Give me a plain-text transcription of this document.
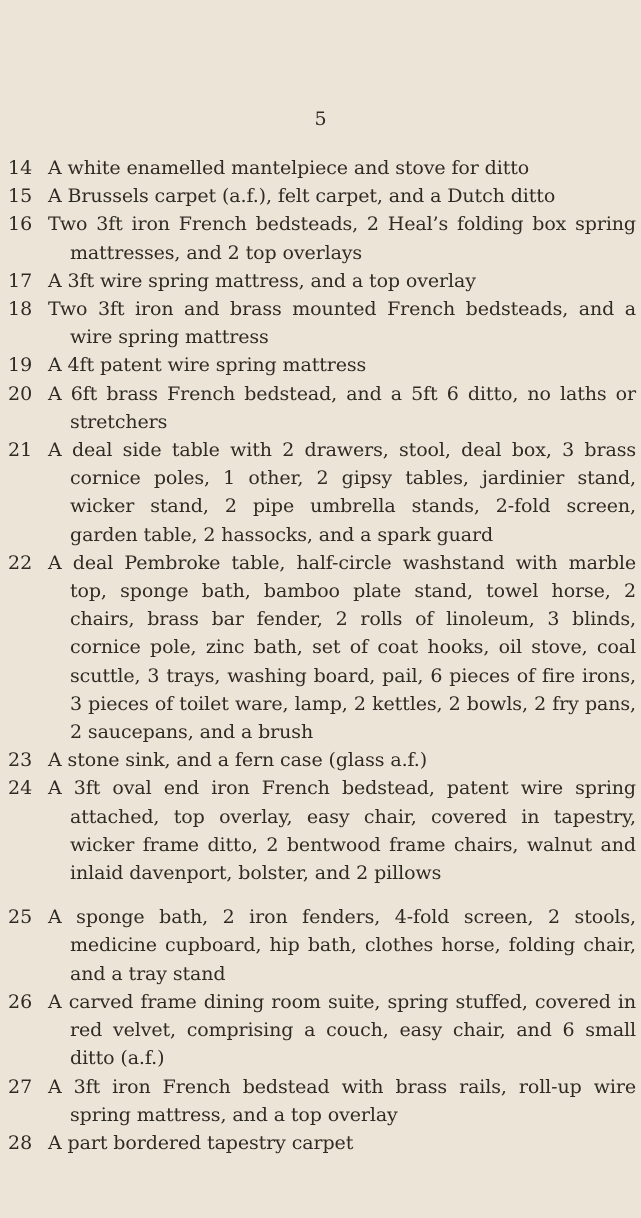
5
14 A white enamelled mantelpiece and stove for ditto
15 A Brussels carpet (a.f.), felt carpet, and a Dutch ditto
16 Two 3ft iron French bedsteads, 2 Heal’s folding box spring mattresses, and 2 top overlays
17 A 3ft wire spring mattress, and a top overlay
18 Two 3ft iron and brass mounted French bedsteads, and a wire spring mattress
19 A 4ft patent wire spring mattress
20 A 6ft brass French bedstead, and a 5ft 6 ditto, no laths or stretchers
21 A deal side table with 2 drawers, stool, deal box, 3 brass cornice poles, 1 other, 2 gipsy tables, jardinier stand, wicker stand, 2 pipe umbrella stands, 2-fold screen, garden table, 2 hassocks, and a spark guard
22 A deal Pembroke table, half-circle washstand with marble top, sponge bath, bamboo plate stand, towel horse, 2 chairs, brass bar fender, 2 rolls of linoleum, 3 blinds, cornice pole, zinc bath, set of coat hooks, oil stove, coal scuttle, 3 trays, washing board, pail, 6 pieces of fire irons, 3 pieces of toilet ware, lamp, 2 kettles, 2 bowls, 2 fry pans, 2 saucepans, and a brush
23 A stone sink, and a fern case (glass a.f.)
24 A 3ft oval end iron French bedstead, patent wire spring attached, top overlay, easy chair, covered in tapestry, wicker frame ditto, 2 bentwood frame chairs, walnut and inlaid davenport, bolster, and 2 pillows
25 A sponge bath, 2 iron fenders, 4-fold screen, 2 stools, medicine cupboard, hip bath, clothes horse, folding chair, and a tray stand
26 A carved frame dining room suite, spring stuffed, covered in red velvet, comprising a couch, easy chair, and 6 small ditto (a.f.)
27 A 3ft iron French bedstead with brass rails, roll-up wire spring mattress, and a top overlay
28 A part bordered tapestry carpet
